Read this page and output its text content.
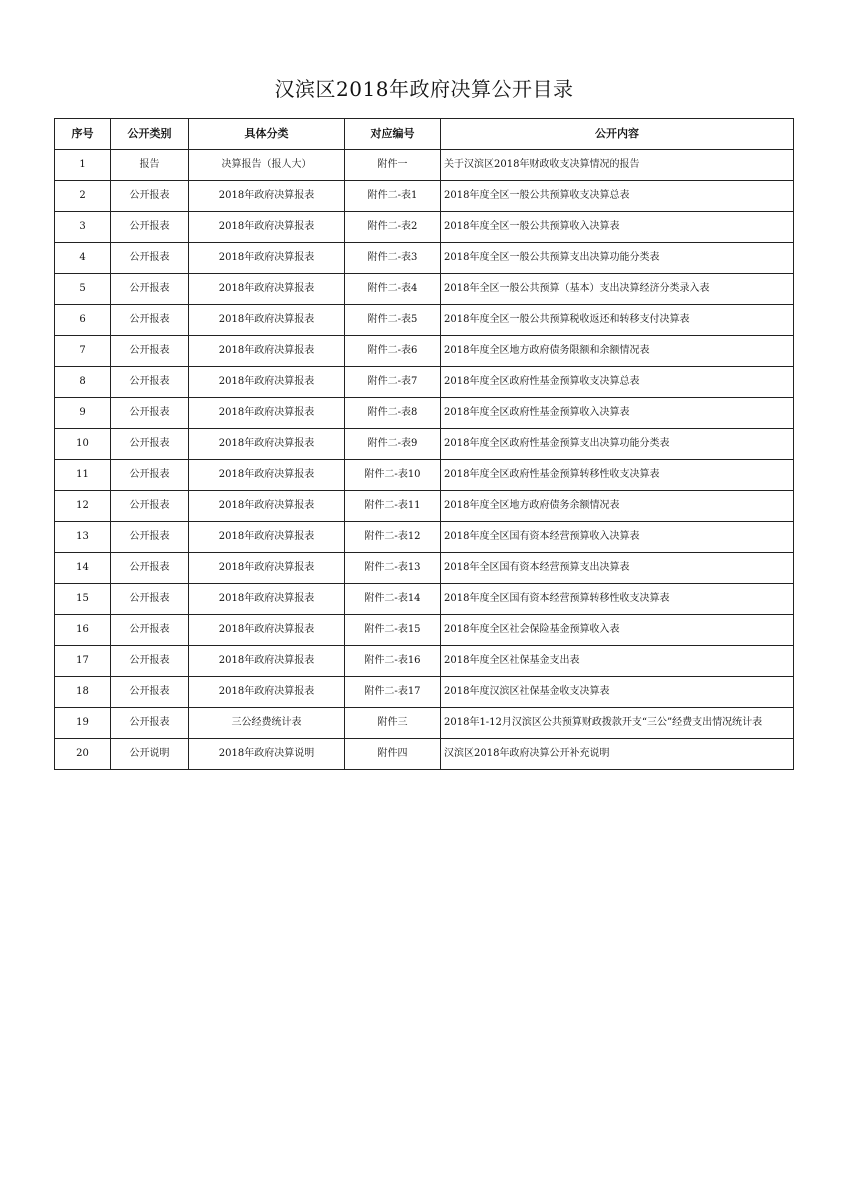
汉滨区2018年政府决算公开目录
序号	公开类别	具体分类	对应编号	公开内容
1	报告	决算报告（报人大）	附件一	关于汉滨区2018年财政收支决算情况的报告
2	公开报表	2018年政府决算报表	附件二-表1	2018年度全区一般公共预算收支决算总表
3	公开报表	2018年政府决算报表	附件二-表2	2018年度全区一般公共预算收入决算表
4	公开报表	2018年政府决算报表	附件二-表3	2018年度全区一般公共预算支出决算功能分类表
5	公开报表	2018年政府决算报表	附件二-表4	2018年全区一般公共预算（基本）支出决算经济分类录入表
6	公开报表	2018年政府决算报表	附件二-表5	2018年度全区一般公共预算税收返还和转移支付决算表
7	公开报表	2018年政府决算报表	附件二-表6	2018年度全区地方政府债务限额和余额情况表
8	公开报表	2018年政府决算报表	附件二-表7	2018年度全区政府性基金预算收支决算总表
9	公开报表	2018年政府决算报表	附件二-表8	2018年度全区政府性基金预算收入决算表
10	公开报表	2018年政府决算报表	附件二-表9	2018年度全区政府性基金预算支出决算功能分类表
11	公开报表	2018年政府决算报表	附件二-表10	2018年度全区政府性基金预算转移性收支决算表
12	公开报表	2018年政府决算报表	附件二-表11	2018年度全区地方政府债务余额情况表
13	公开报表	2018年政府决算报表	附件二-表12	2018年度全区国有资本经营预算收入决算表
14	公开报表	2018年政府决算报表	附件二-表13	2018年全区国有资本经营预算支出决算表
15	公开报表	2018年政府决算报表	附件二-表14	2018年度全区国有资本经营预算转移性收支决算表
16	公开报表	2018年政府决算报表	附件二-表15	2018年度全区社会保险基金预算收入表
17	公开报表	2018年政府决算报表	附件二-表16	2018年度全区社保基金支出表
18	公开报表	2018年政府决算报表	附件二-表17	2018年度汉滨区社保基金收支决算表
19	公开报表	三公经费统计表	附件三	2018年1-12月汉滨区公共预算财政拨款开支“三公”经费支出情况统计表
20	公开说明	2018年政府决算说明	附件四	汉滨区2018年政府决算公开补充说明
